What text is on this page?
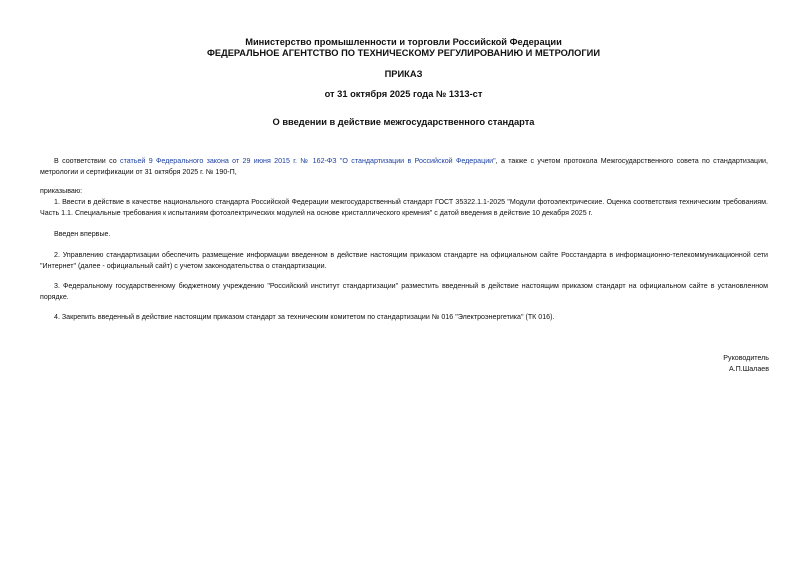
Министерство промышленности и торговли Российской Федерации
ФЕДЕРАЛЬНОЕ АГЕНТСТВО ПО ТЕХНИЧЕСКОМУ РЕГУЛИРОВАНИЮ И МЕТРОЛОГИИ
ПРИКАЗ
от 31 октября 2025 года № 1313-ст
О введении в действие межгосударственного стандарта
В соответствии со статьей 9 Федерального закона от 29 июня 2015 г. № 162-ФЗ "О стандартизации в Российской Федерации", а также с учетом протокола Межгосударственного совета по стандартизации, метрологии и сертификации от 31 октября 2025 г. № 190-П,
приказываю:
1. Ввести в действие в качестве национального стандарта Российской Федерации межгосударственный стандарт ГОСТ 35322.1.1-2025 "Модули фотоэлектрические. Оценка соответствия техническим требованиям. Часть 1.1. Специальные требования к испытаниям фотоэлектрических модулей на основе кристаллического кремния" с датой введения в действие 10 декабря 2025 г.
Введен впервые.
2. Управлению стандартизации обеспечить размещение информации введенном в действие настоящим приказом стандарте на официальном сайте Росстандарта в информационно-телекоммуникационной сети "Интернет" (далее - официальный сайт) с учетом законодательства о стандартизации.
3. Федеральному государственному бюджетному учреждению "Российский институт стандартизации" разместить введенный в действие настоящим приказом стандарт на официальном сайте в установленном порядке.
4. Закрепить введенный в действие настоящим приказом стандарт за техническим комитетом по стандартизации № 016 "Электроэнергетика" (ТК 016).
Руководитель
А.П.Шалаев
